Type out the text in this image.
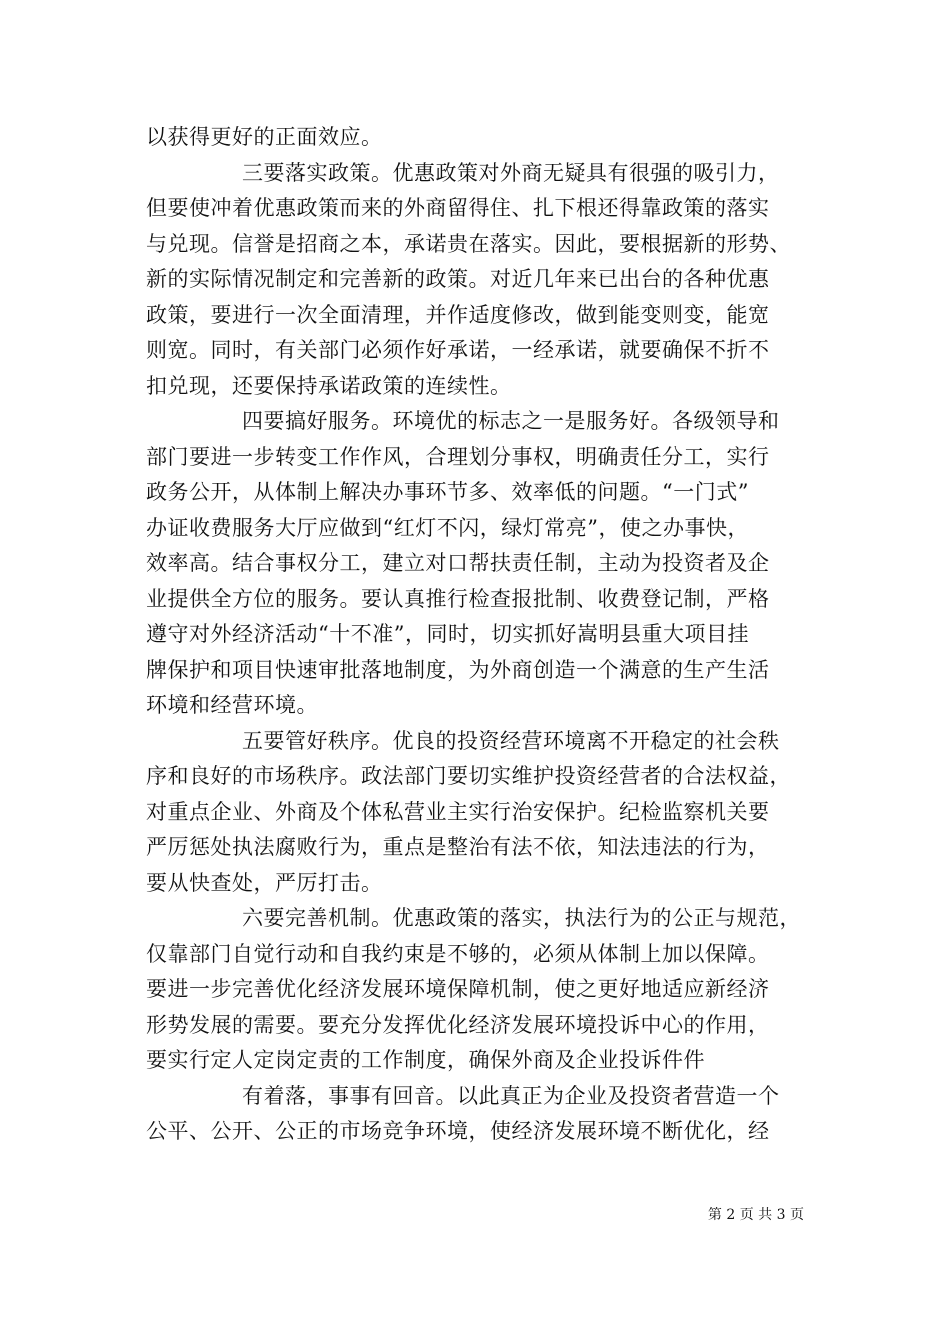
以获得更好的正面效应。
三要落实政策。优惠政策对外商无疑具有很强的吸引力，
但要使冲着优惠政策而来的外商留得住、扎下根还得靠政策的落实
与兑现。信誉是招商之本，承诺贵在落实。因此，要根据新的形势、
新的实际情况制定和完善新的政策。对近几年来已出台的各种优惠
政策，要进行一次全面清理，并作适度修改，做到能变则变，能宽
则宽。同时，有关部门必须作好承诺，一经承诺，就要确保不折不
扣兑现，还要保持承诺政策的连续性。
四要搞好服务。环境优的标志之一是服务好。各级领导和
部门要进一步转变工作作风，合理划分事权，明确责任分工，实行
政务公开，从体制上解决办事环节多、效率低的问题。“一门式”
办证收费服务大厅应做到“红灯不闪，绿灯常亮”，使之办事快，
效率高。结合事权分工，建立对口帮扶责任制，主动为投资者及企
业提供全方位的服务。要认真推行检查报批制、收费登记制，严格
遵守对外经济活动“十不准”，同时，切实抓好嵩明县重大项目挂
牌保护和项目快速审批落地制度，为外商创造一个满意的生产生活
环境和经营环境。
五要管好秩序。优良的投资经营环境离不开稳定的社会秩
序和良好的市场秩序。政法部门要切实维护投资经营者的合法权益，
对重点企业、外商及个体私营业主实行治安保护。纪检监察机关要
严厉惩处执法腐败行为，重点是整治有法不依，知法违法的行为，
要从快查处，严厉打击。
六要完善机制。优惠政策的落实，执法行为的公正与规范，
仅靠部门自觉行动和自我约束是不够的，必须从体制上加以保障。
要进一步完善优化经济发展环境保障机制，使之更好地适应新经济
形势发展的需要。要充分发挥优化经济发展环境投诉中心的作用，
要实行定人定岗定责的工作制度，确保外商及企业投诉件件
有着落，事事有回音。以此真正为企业及投资者营造一个
公平、公开、公正的市场竞争环境，使经济发展环境不断优化，经
第 2 页 共 3 页
